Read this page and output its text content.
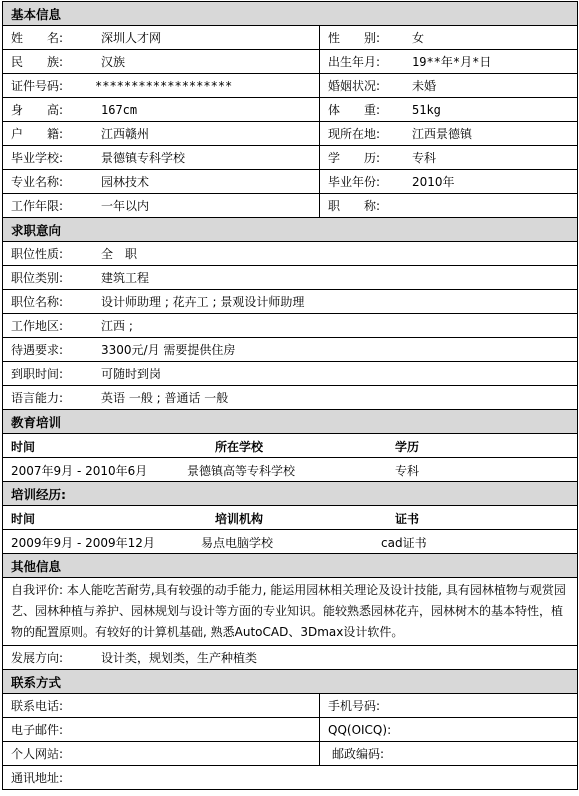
基本信息	
姓　　名: 深圳人才网	性　　别: 女
民　　族: 汉族	出生年月: 19**年*月*日
证件号码: *******************	婚姻状况: 未婚
身　　高: 167cm	体　　重: 51kg
户　　籍: 江西赣州	现所在地: 江西景德镇
毕业学校: 景德镇专科学校	学　　历: 专科
专业名称: 园林技术	毕业年份: 2010年
工作年限: 一年以内	职　　称:
求职意向	
职位性质: 全　职	
职位类别: 建筑工程	
职位名称: 设计师助理 ; 花卉工 ; 景观设计师助理	
工作地区: 江西 ;	
待遇要求: 3300元/月 需要提供住房	
到职时间: 可随时到岗	
语言能力: 英语 一般 ; 普通话 一般	
教育培训	

时间 所在学校 学历	

2007年9月 - 2010年6月 景德镇高等专科学校 专科	

培训经历:	

时间 培训机构 证书	

2009年9月 - 2009年12月 易点电脑学校 cad证书	

其他信息	
自我评价: 本人能吃苦耐劳,具有较强的动手能力, 能运用园林相关理论及设计技能, 具有园林植物与观赏园艺、园林种植与养护、园林规划与设计等方面的专业知识。能较熟悉园林花卉，园林树木的基本特性，植物的配置原则。有较好的计算机基础, 熟悉AutoCAD、3Dmax设计软件。	
发展方向: 设计类，规划类，生产种植类	
联系方式	
联系电话:	手机号码:
电子邮件:	QQ(OICQ):
个人网站:	邮政编码:
通讯地址:	
